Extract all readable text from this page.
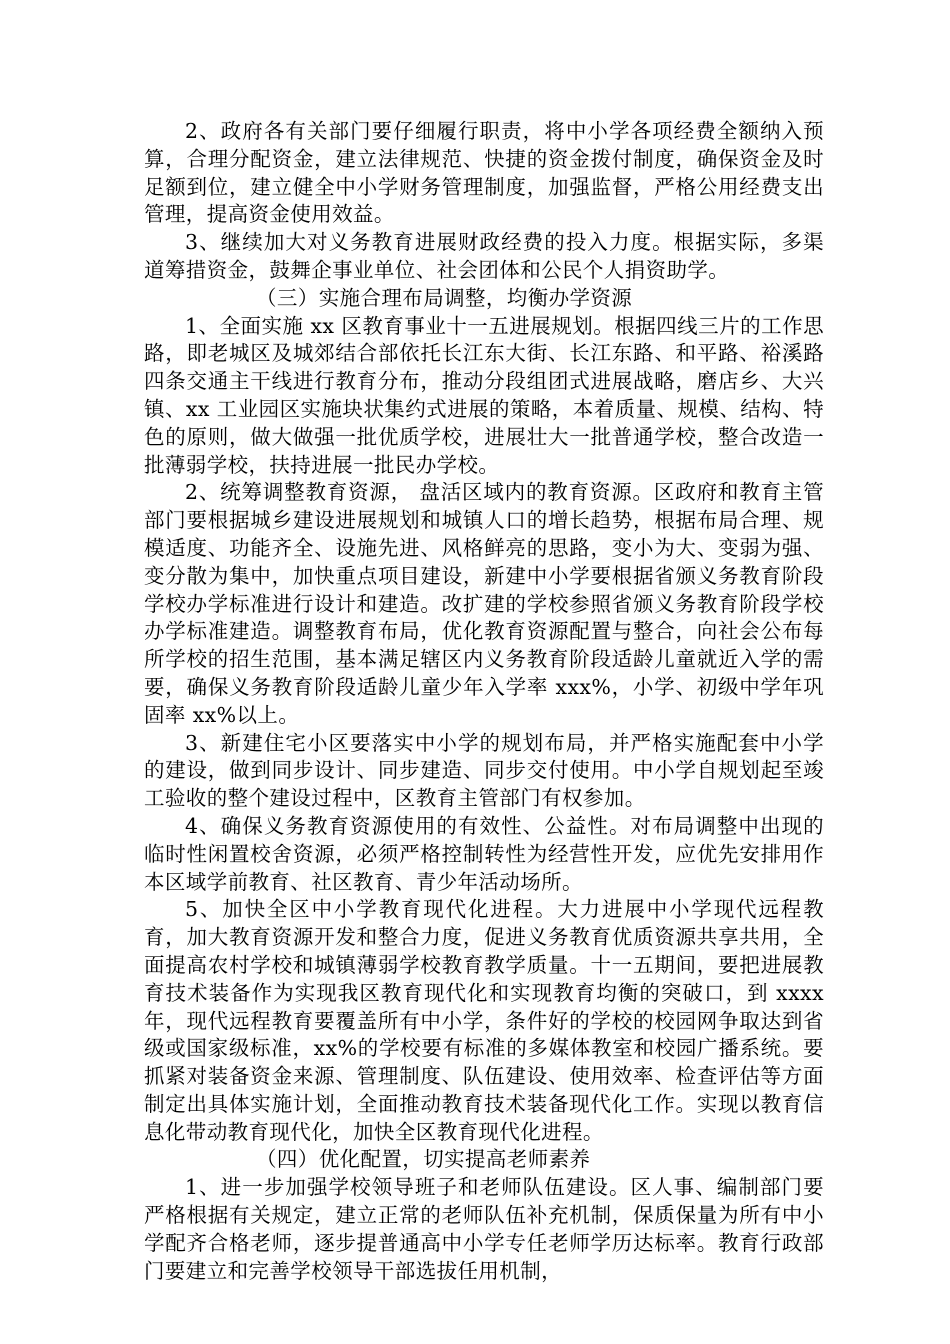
2、政府各有关部门要仔细履行职责，将中小学各项经费全额纳入预算，合理分配资金，建立法律规范、快捷的资金拨付制度，确保资金及时足额到位，建立健全中小学财务管理制度，加强监督，严格公用经费支出管理，提高资金使用效益。

3、继续加大对义务教育进展财政经费的投入力度。根据实际，多渠道筹措资金，鼓舞企事业单位、社会团体和公民个人捐资助学。

（三）实施合理布局调整，均衡办学资源

1、全面实施 xx 区教育事业十一五进展规划。根据四线三片的工作思路，即老城区及城郊结合部依托长江东大街、长江东路、和平路、裕溪路四条交通主干线进行教育分布，推动分段组团式进展战略，磨店乡、大兴镇、xx 工业园区实施块状集约式进展的策略，本着质量、规模、结构、特色的原则，做大做强一批优质学校，进展壮大一批普通学校，整合改造一批薄弱学校，扶持进展一批民办学校。

2、统筹调整教育资源， 盘活区域内的教育资源。区政府和教育主管部门要根据城乡建设进展规划和城镇人口的增长趋势，根据布局合理、规模适度、功能齐全、设施先进、风格鲜亮的思路，变小为大、变弱为强、变分散为集中，加快重点项目建设，新建中小学要根据省颁义务教育阶段学校办学标准进行设计和建造。改扩建的学校参照省颁义务教育阶段学校办学标准建造。调整教育布局，优化教育资源配置与整合，向社会公布每所学校的招生范围，基本满足辖区内义务教育阶段适龄儿童就近入学的需要，确保义务教育阶段适龄儿童少年入学率 xxx%，小学、初级中学年巩固率 xx%以上。

3、新建住宅小区要落实中小学的规划布局，并严格实施配套中小学的建设，做到同步设计、同步建造、同步交付使用。中小学自规划起至竣工验收的整个建设过程中，区教育主管部门有权参加。

4、确保义务教育资源使用的有效性、公益性。对布局调整中出现的临时性闲置校舍资源，必须严格控制转性为经营性开发，应优先安排用作本区域学前教育、社区教育、青少年活动场所。

5、加快全区中小学教育现代化进程。大力进展中小学现代远程教育，加大教育资源开发和整合力度，促进义务教育优质资源共享共用，全面提高农村学校和城镇薄弱学校教育教学质量。十一五期间，要把进展教育技术装备作为实现我区教育现代化和实现教育均衡的突破口，到 xxxx 年，现代远程教育要覆盖所有中小学，条件好的学校的校园网争取达到省级或国家级标准，xx%的学校要有标准的多媒体教室和校园广播系统。要抓紧对装备资金来源、管理制度、队伍建设、使用效率、检查评估等方面制定出具体实施计划，全面推动教育技术装备现代化工作。实现以教育信息化带动教育现代化，加快全区教育现代化进程。

（四）优化配置，切实提高老师素养

1、进一步加强学校领导班子和老师队伍建设。区人事、编制部门要严格根据有关规定，建立正常的老师队伍补充机制，保质保量为所有中小学配齐合格老师，逐步提普通高中小学专任老师学历达标率。教育行政部门要建立和完善学校领导干部选拔任用机制，
